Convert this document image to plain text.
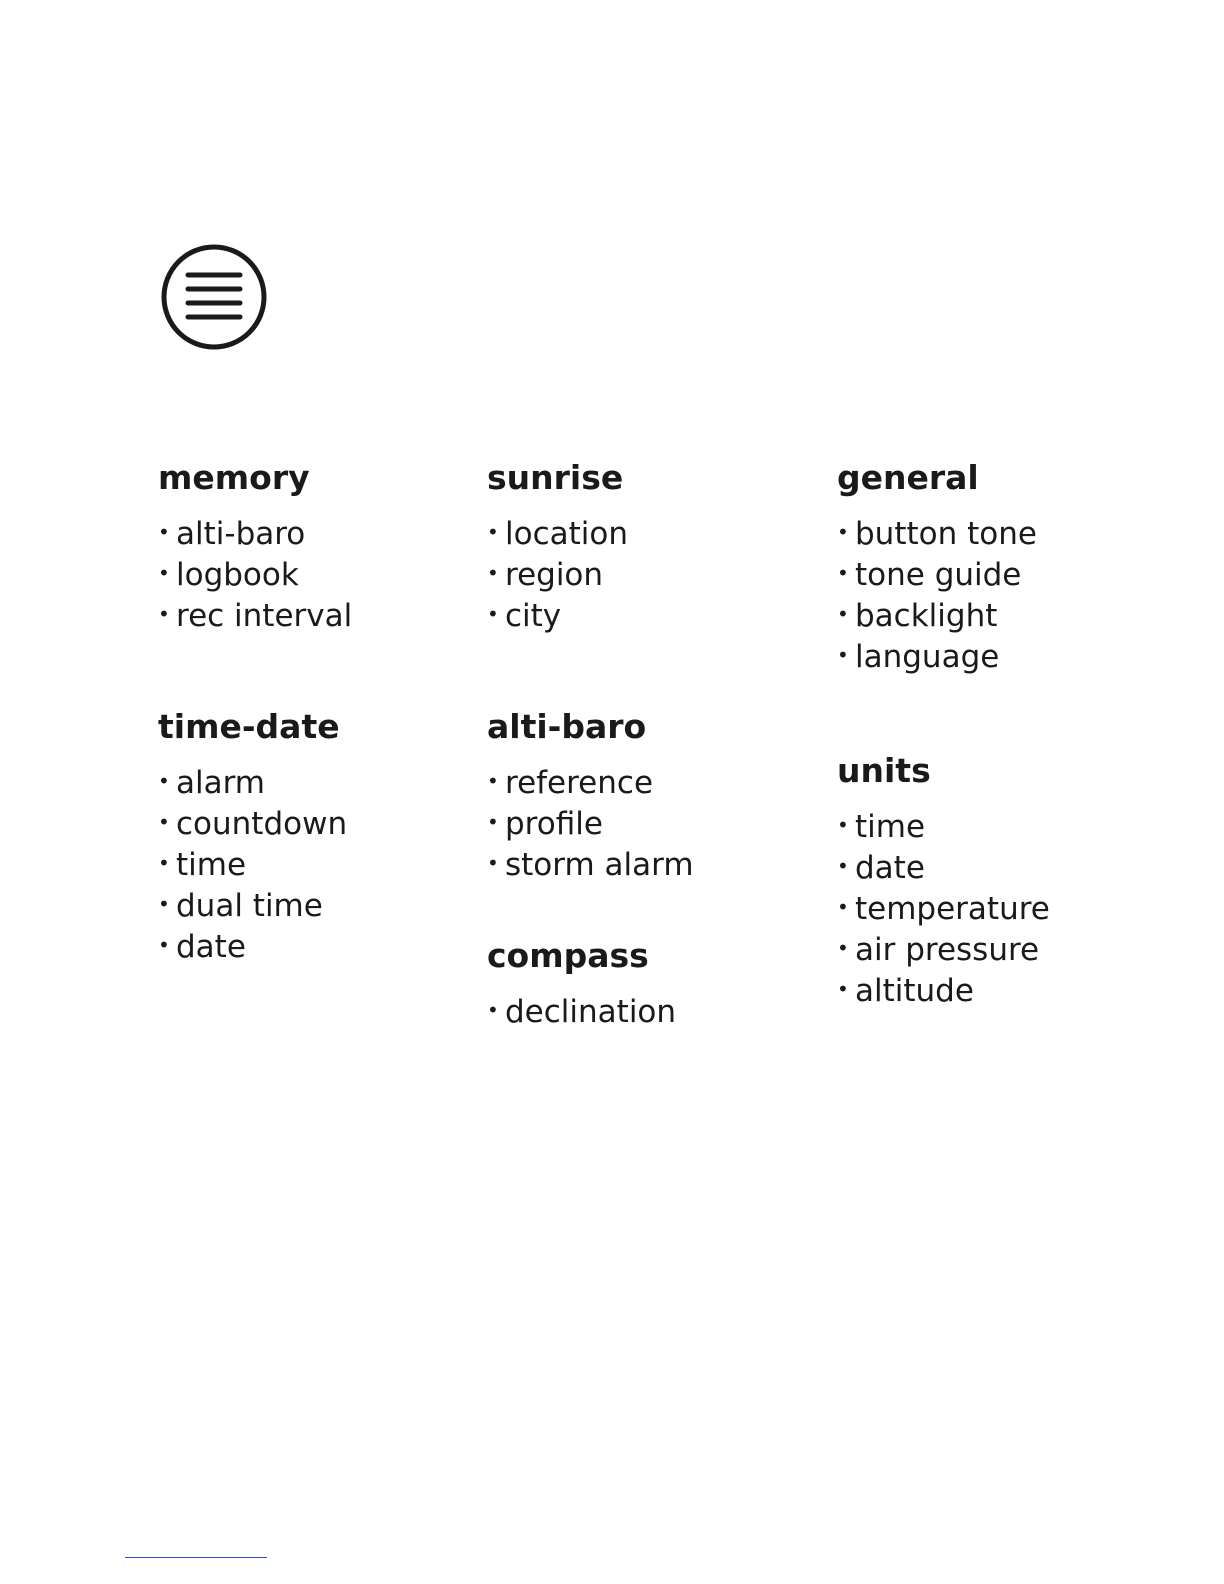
memory
• alti-baro
• logbook
• rec interval
sunrise
• location
• region
• city
general
• button tone
• tone guide
• backlight
• language
time-date
• alarm
• countdown
• time
• dual time
• date
alti-baro
• reference
• profile
• storm alarm
units
• time
• date
• temperature
• air pressure
• altitude
compass
• declination
